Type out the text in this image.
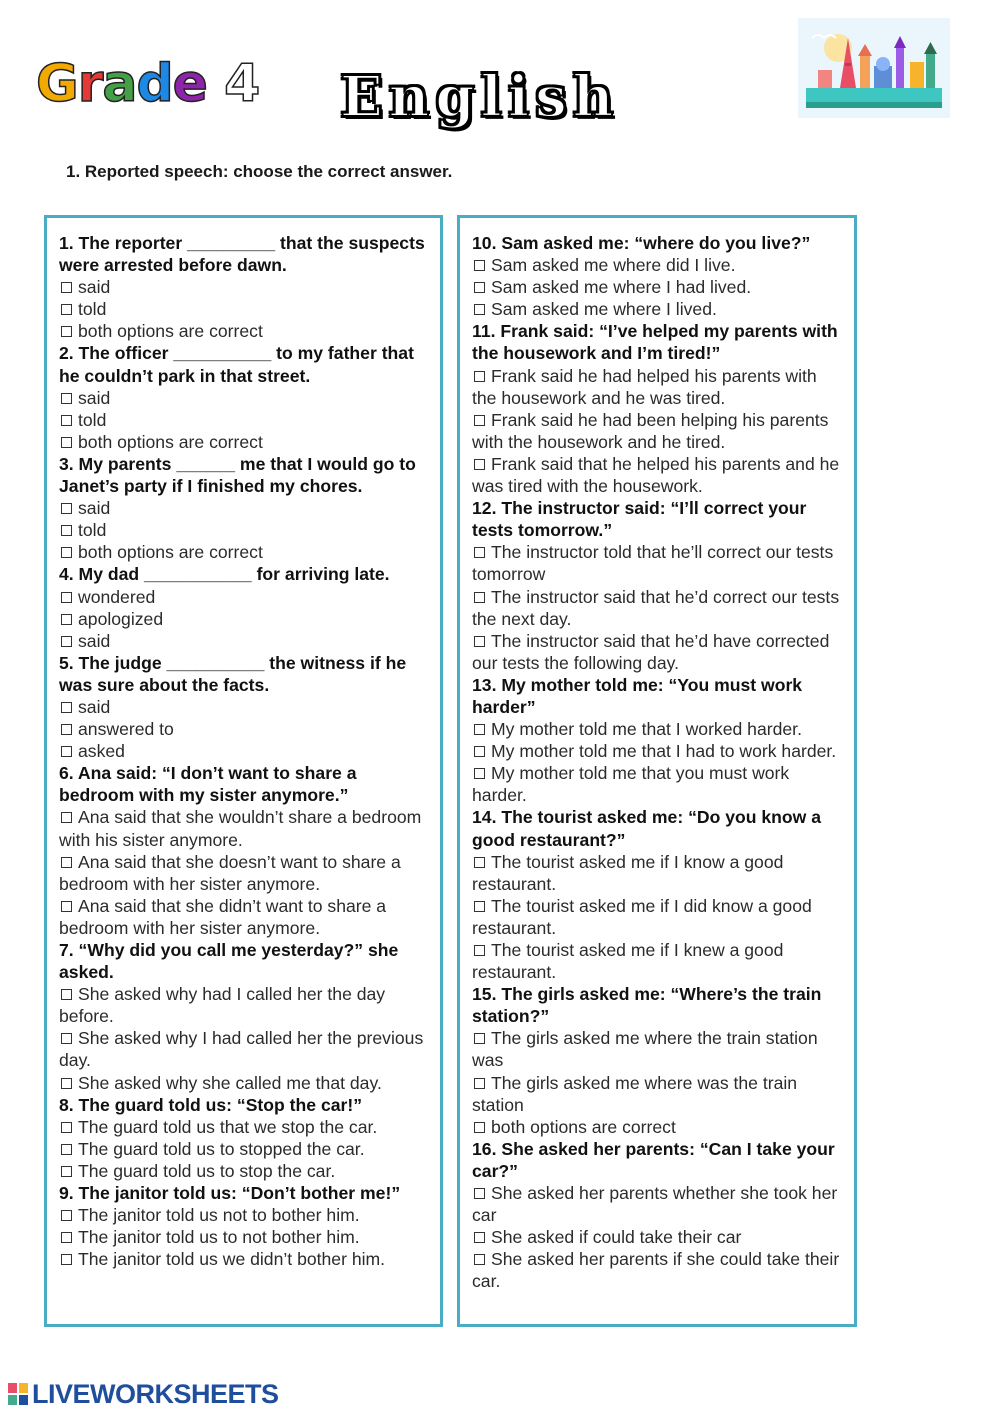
Grade 4 English
1. Reported speech: choose the correct answer.

1. The reporter _________ that the suspects were arrested before dawn.

said

told

both options are correct

2. The officer __________ to my father that he couldn’t park in that street.

said

told

both options are correct

3. My parents ______ me that I would go to Janet’s party if I finished my chores.

said

told

both options are correct

4. My dad ___________ for arriving late.

wondered

apologized

said

5. The judge __________ the witness if he was sure about the facts.

said

answered to

asked

6. Ana said: “I don’t want to share a bedroom with my sister anymore.”

Ana said that she wouldn’t share a bedroom with his sister anymore.

Ana said that she doesn’t want to share a bedroom with her sister anymore.

Ana said that she didn’t want to share a bedroom with her sister anymore.

7. “Why did you call me yesterday?” she asked.

She asked why had I called her the day before.

She asked why I had called her the previous day.

She asked why she called me that day.

8. The guard told us: “Stop the car!”

The guard told us that we stop the car.

The guard told us to stopped the car.

The guard told us to stop the car.

9. The janitor told us: “Don’t bother me!”

The janitor told us not to bother him.

The janitor told us to not bother him.

The janitor told us we didn’t bother him.

10. Sam asked me: “where do you live?”

Sam asked me where did I live.

Sam asked me where I had lived.

Sam asked me where I lived.

11. Frank said: “I’ve helped my parents with the housework and I’m tired!”

Frank said he had helped his parents with the housework and he was tired.

Frank said he had been helping his parents with the housework and he tired.

Frank said that he helped his parents and he was tired with the housework.

12. The instructor said: “I’ll correct your tests tomorrow.”

The instructor told that he’ll correct our tests tomorrow

The instructor said that he’d correct our tests the next day.

The instructor said that he’d have corrected our tests the following day.

13. My mother told me: “You must work harder”

My mother told me that I worked harder.

My mother told me that I had to work harder.

My mother told me that you must work harder.

14. The tourist asked me: “Do you know a good restaurant?”

The tourist asked me if I know a good restaurant.

The tourist asked me if I did know a good restaurant.

The tourist asked me if I knew a good restaurant.

15. The girls asked me: “Where’s the train station?”

The girls asked me where the train station was

The girls asked me where was the train station

both options are correct

16. She asked her parents: “Can I take your car?”

She asked her parents whether she took her car

She asked if could take their car

She asked her parents if she could take their car.

LIVEWORKSHEETS
